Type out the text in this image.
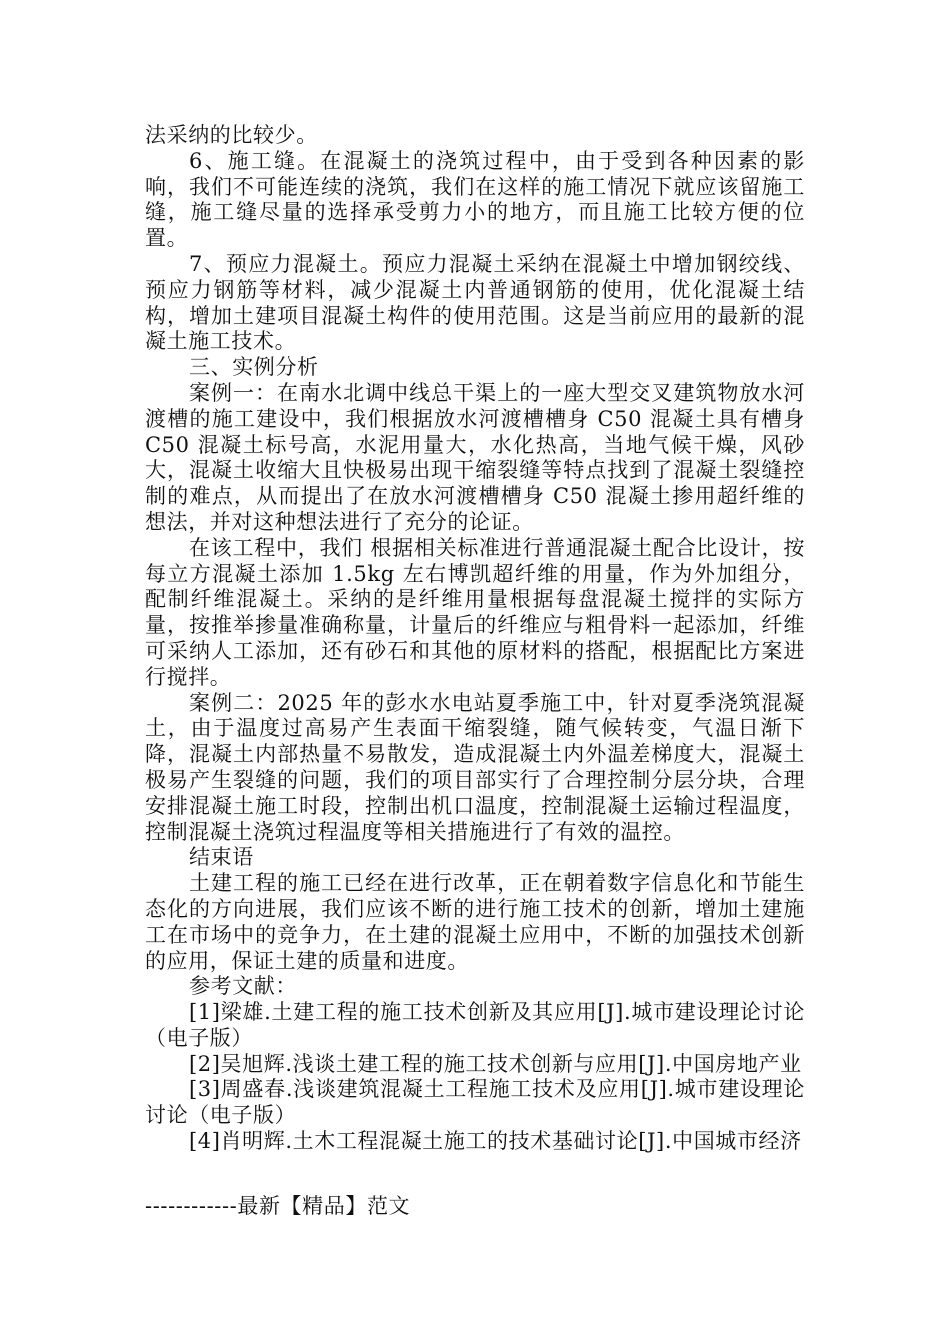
法采纳的比较少。

6、施工缝。在混凝土的浇筑过程中，由于受到各种因素的影响，我们不可能连续的浇筑，我们在这样的施工情况下就应该留施工缝，施工缝尽量的选择承受剪力小的地方，而且施工比较方便的位置。

7、预应力混凝土。预应力混凝土采纳在混凝土中增加钢绞线、预应力钢筋等材料，减少混凝土内普通钢筋的使用，优化混凝土结构，增加土建项目混凝土构件的使用范围。这是当前应用的最新的混凝土施工技术。

三、实例分析

案例一：在南水北调中线总干渠上的一座大型交叉建筑物放水河渡槽的施工建设中，我们根据放水河渡槽槽身 C50 混凝土具有槽身 C50 混凝土标号高，水泥用量大，水化热高，当地气候干燥，风砂大，混凝土收缩大且快极易出现干缩裂缝等特点找到了混凝土裂缝控制的难点，从而提出了在放水河渡槽槽身 C50 混凝土掺用超纤维的想法，并对这种想法进行了充分的论证。

在该工程中，我们 根据相关标准进行普通混凝土配合比设计，按每立方混凝土添加 1.5kg 左右博凯超纤维的用量，作为外加组分，配制纤维混凝土。采纳的是纤维用量根据每盘混凝土搅拌的实际方量，按推举掺量准确称量，计量后的纤维应与粗骨料一起添加，纤维可采纳人工添加，还有砂石和其他的原材料的搭配，根据配比方案进行搅拌。

案例二：2025 年的彭水水电站夏季施工中，针对夏季浇筑混凝土，由于温度过高易产生表面干缩裂缝，随气候转变，气温日渐下降，混凝土内部热量不易散发，造成混凝土内外温差梯度大，混凝土极易产生裂缝的问题，我们的项目部实行了合理控制分层分块，合理安排混凝土施工时段，控制出机口温度，控制混凝土运输过程温度，控制混凝土浇筑过程温度等相关措施进行了有效的温控。

结束语

土建工程的施工已经在进行改革，正在朝着数字信息化和节能生态化的方向进展，我们应该不断的进行施工技术的创新，增加土建施工在市场中的竞争力，在土建的混凝土应用中，不断的加强技术创新的应用，保证土建的质量和进度。

参考文献：

[1]梁雄.土建工程的施工技术创新及其应用[J].城市建设理论讨论（电子版）

[2]吴旭辉.浅谈土建工程的施工技术创新与应用[J].中国房地产业

[3]周盛春.浅谈建筑混凝土工程施工技术及应用[J].城市建设理论讨论（电子版）

[4]肖明辉.土木工程混凝土施工的技术基础讨论[J].中国城市经济

------------最新【精品】范文
